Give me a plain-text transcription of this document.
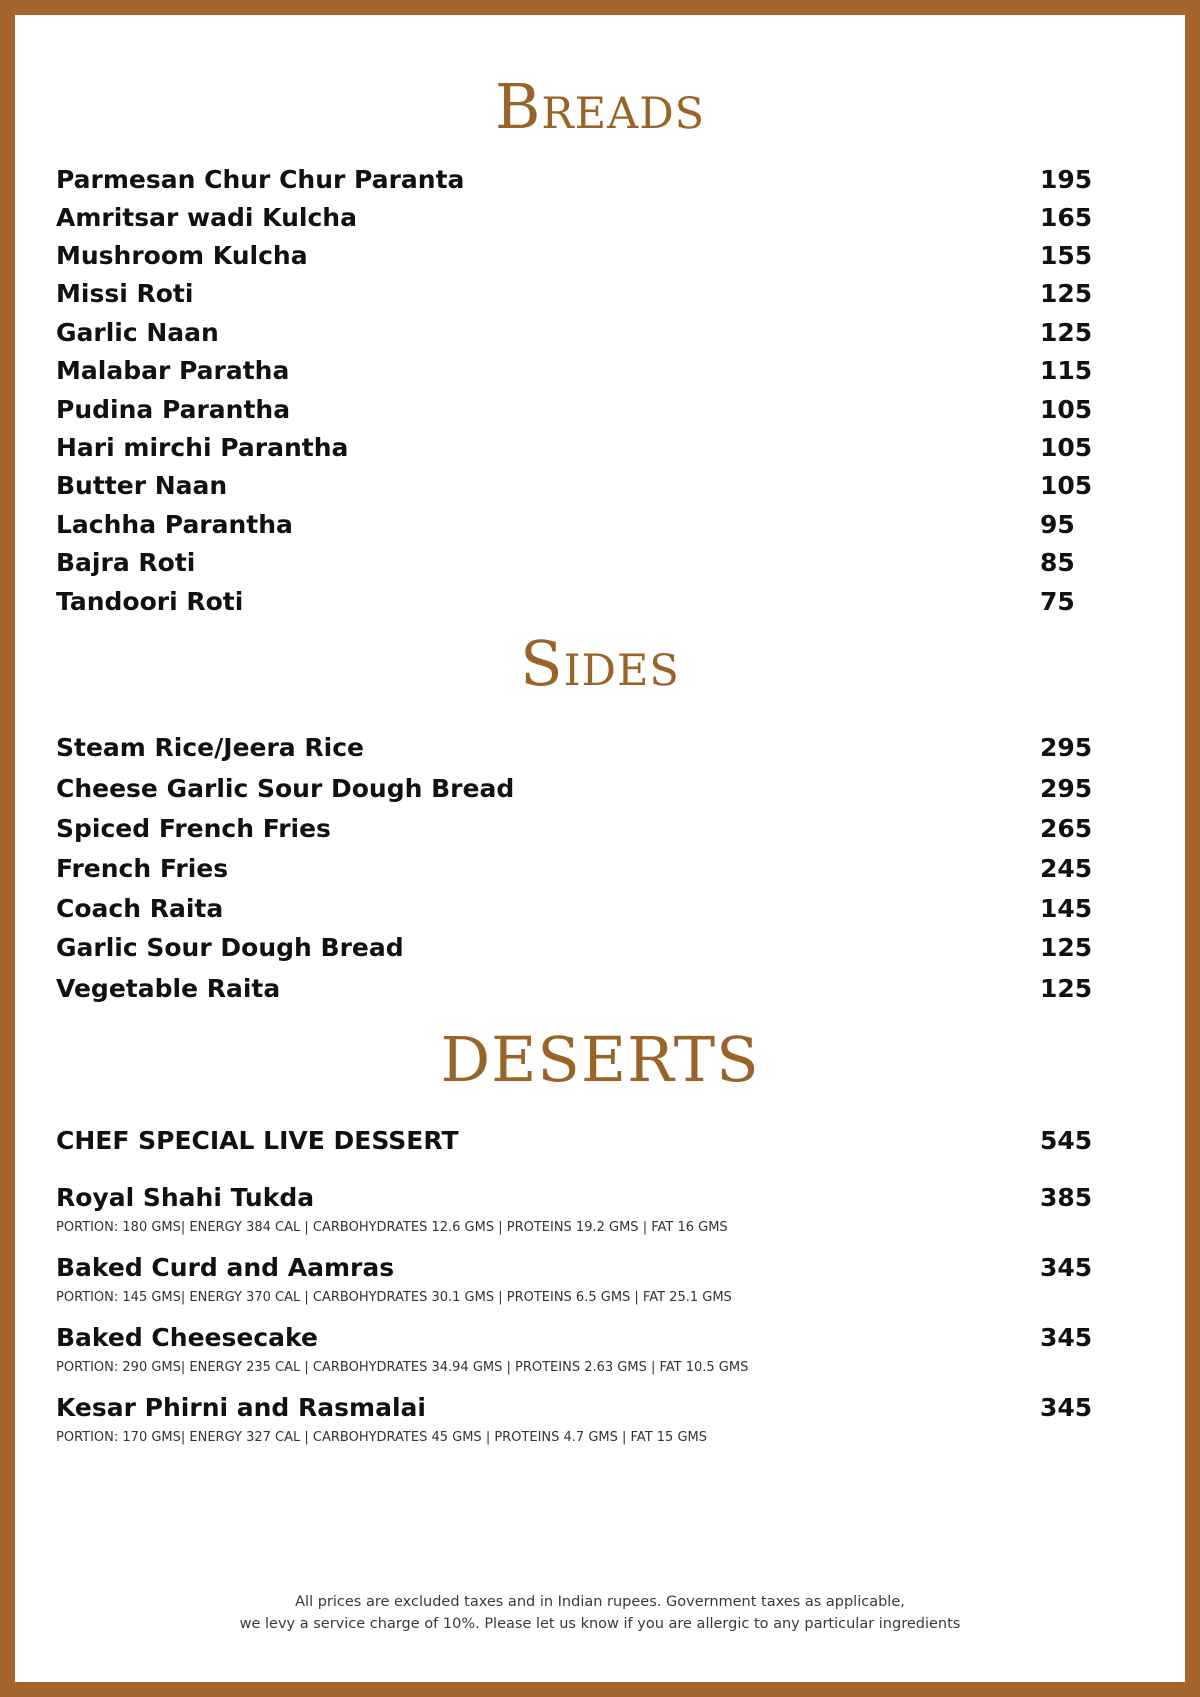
Breads
Parmesan Chur Chur Paranta	195
Amritsar wadi Kulcha	165
Mushroom Kulcha	155
Missi Roti	125
Garlic Naan	125
Malabar Paratha	115
Pudina Parantha	105
Hari mirchi Parantha	105
Butter Naan	105
Lachha Parantha	95
Bajra Roti	85
Tandoori Roti	75
Sides
Steam Rice/Jeera Rice	295
Cheese Garlic Sour Dough Bread	295
Spiced French Fries	265
French Fries	245
Coach Raita	145
Garlic Sour Dough Bread	125
Vegetable Raita	125
DESERTS
CHEF SPECIAL LIVE DESSERT	545
Royal Shahi Tukda	385
PORTION: 180 GMS| ENERGY 384 CAL | CARBOHYDRATES 12.6 GMS | PROTEINS 19.2 GMS | FAT 16 GMS
Baked Curd and Aamras	345
PORTION: 145 GMS| ENERGY 370 CAL | CARBOHYDRATES 30.1 GMS | PROTEINS 6.5 GMS | FAT 25.1 GMS
Baked Cheesecake	345
PORTION: 290 GMS| ENERGY 235 CAL | CARBOHYDRATES 34.94 GMS | PROTEINS 2.63 GMS | FAT 10.5 GMS
Kesar Phirni and Rasmalai	345
PORTION: 170 GMS| ENERGY 327 CAL | CARBOHYDRATES 45 GMS | PROTEINS 4.7 GMS | FAT 15 GMS
All prices are excluded taxes and in Indian rupees. Government taxes as applicable,
we levy a service charge of 10%. Please let us know if you are allergic to any particular ingredients
